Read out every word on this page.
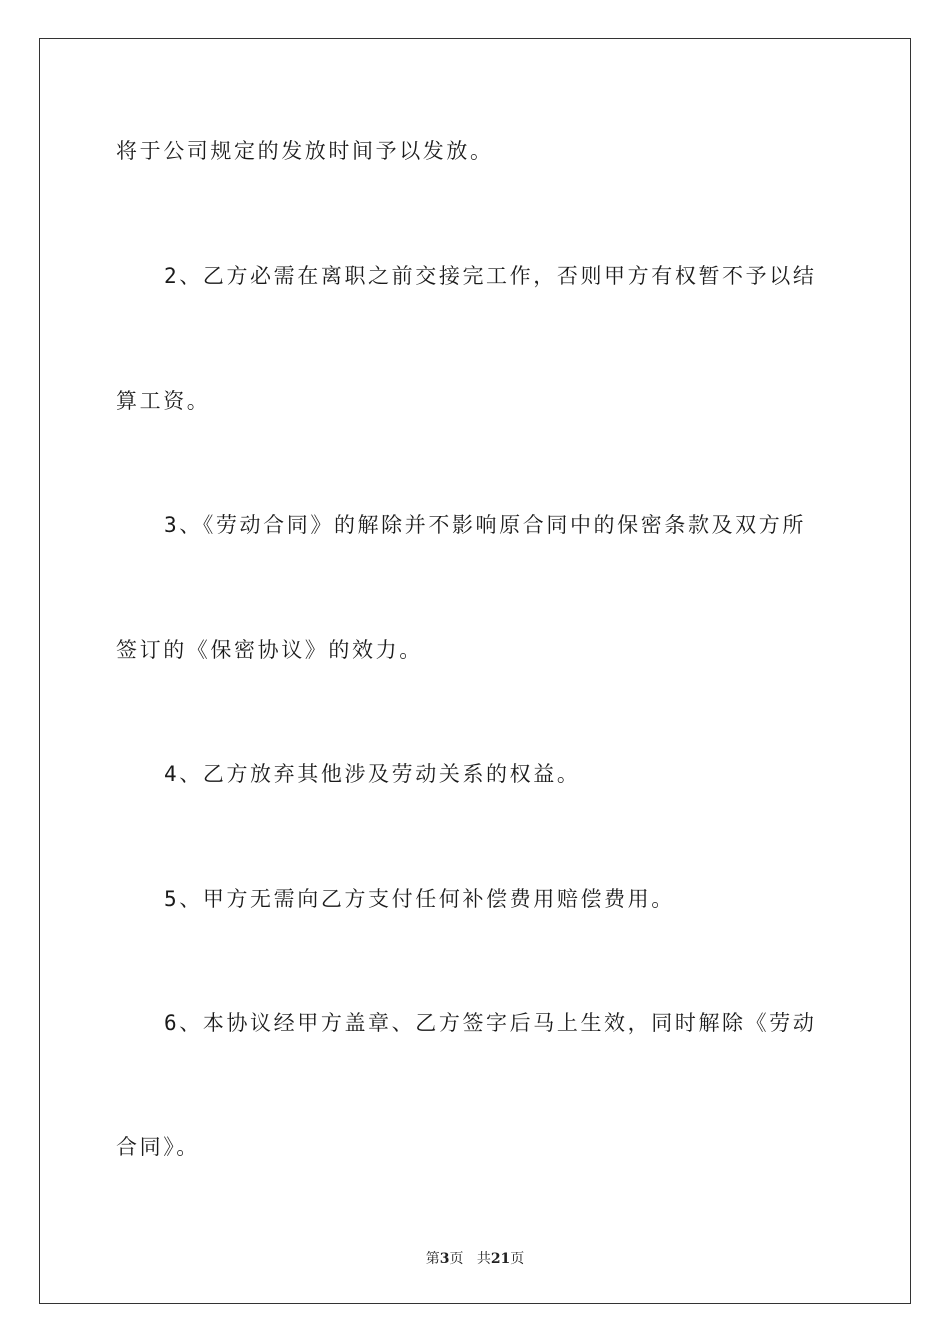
将于公司规定的发放时间予以发放。
2、乙方必需在离职之前交接完工作，否则甲方有权暂不予以结
算工资。
3、《劳动合同》的解除并不影响原合同中的保密条款及双方所
签订的《保密协议》的效力。
4、乙方放弃其他涉及劳动关系的权益。
5、甲方无需向乙方支付任何补偿费用赔偿费用。
6、本协议经甲方盖章、乙方签字后马上生效，同时解除《劳动
合同》。
第3页 共21页
